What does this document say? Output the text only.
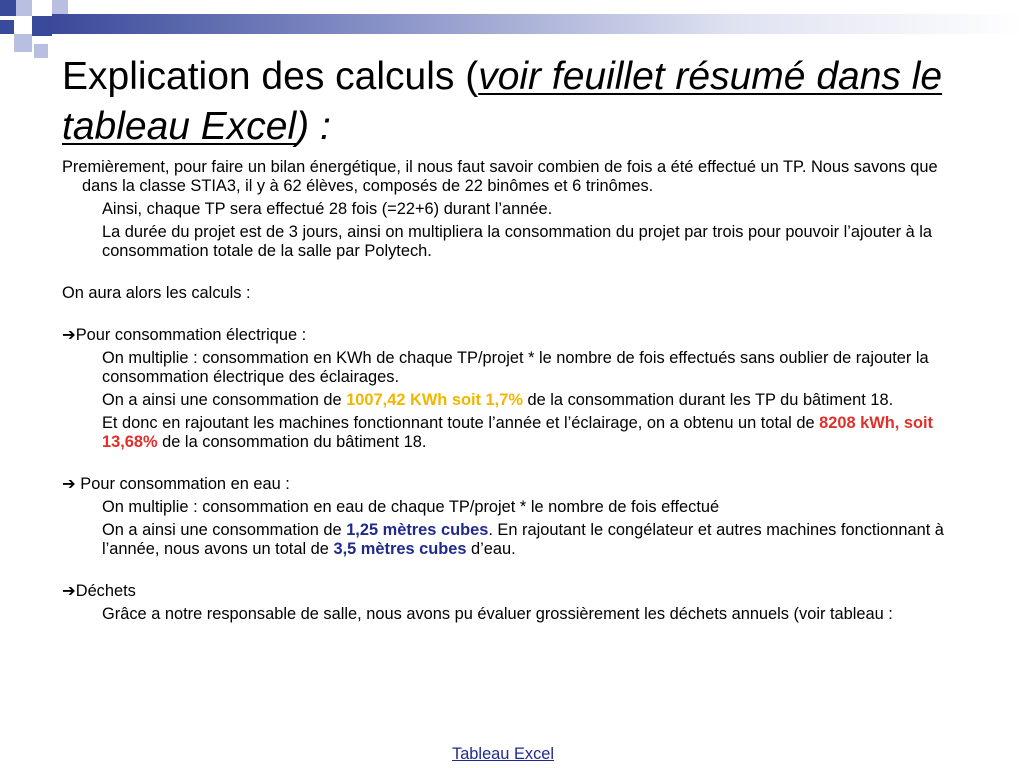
Explication des calculs (voir feuillet résumé dans le tableau Excel) :

Premièrement, pour faire un bilan énergétique, il nous faut savoir combien de fois a été effectué un TP. Nous savons que dans la classe STIA3, il y à 62 élèves, composés de 22 binômes et 6 trinômes.

Ainsi, chaque TP sera effectué 28 fois (=22+6) durant l’année.

La durée du projet est de 3 jours, ainsi on multipliera la consommation du projet par trois pour pouvoir l’ajouter à la consommation totale de la salle par Polytech.

On aura alors les calculs :

➔Pour consommation électrique :

On multiplie : consommation en KWh de chaque TP/projet * le nombre de fois effectués sans oublier de rajouter la consommation électrique des éclairages.

On a ainsi une consommation de 1007,42 KWh soit 1,7% de la consommation durant les TP du bâtiment 18.

Et donc en rajoutant les machines fonctionnant toute l’année et l’éclairage, on a obtenu un total de 8208 kWh, soit 13,68% de la consommation du bâtiment 18.

➔ Pour consommation en eau :

On multiplie : consommation en eau de chaque TP/projet * le nombre de fois effectué

On a ainsi une consommation de 1,25 mètres cubes. En rajoutant le congélateur et autres machines fonctionnant à l’année, nous avons un total de 3,5 mètres cubes d’eau.

➔Déchets

Grâce a notre responsable de salle, nous avons pu évaluer grossièrement les déchets annuels (voir tableau :

Tableau Excel
